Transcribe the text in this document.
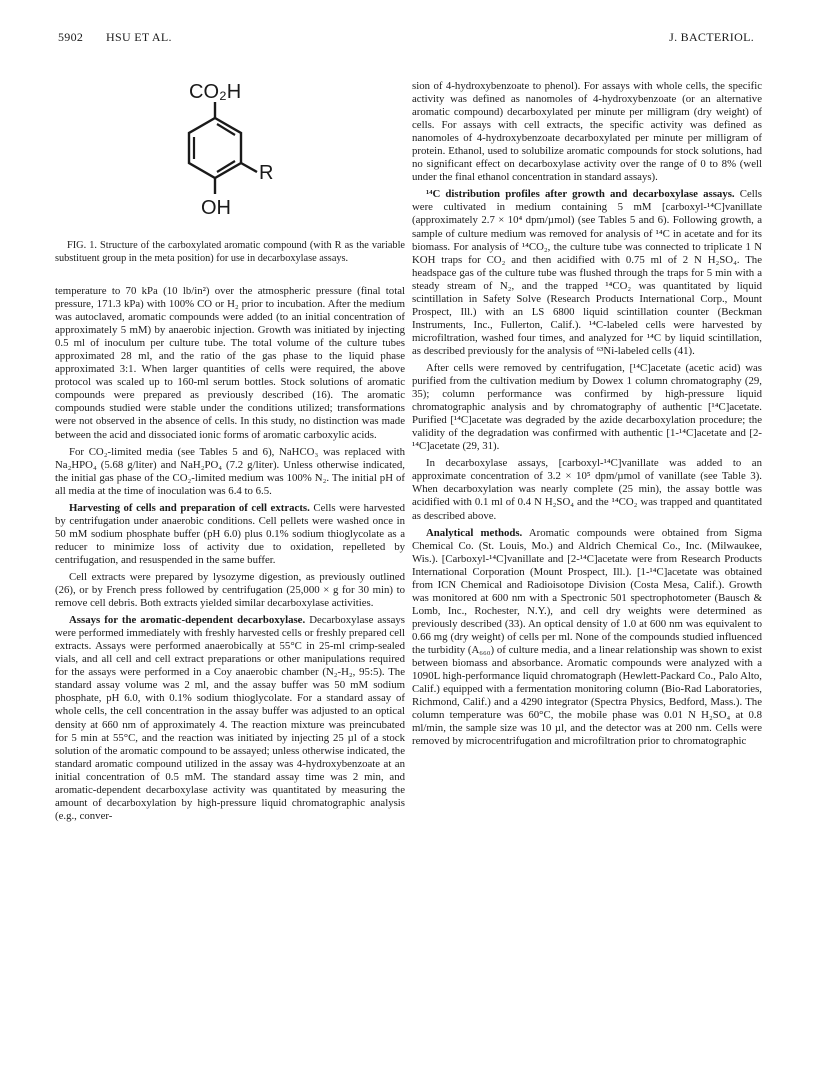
5902 HSU ET AL.	J. BACTERIOL.
CO₂H
R
OH

FIG. 1. Structure of the carboxylated aromatic compound (with R as the variable substituent group in the meta position) for use in decarboxylase assays.

temperature to 70 kPa (10 lb/in²) over the atmospheric pressure (final total pressure, 171.3 kPa) with 100% CO or H₂ prior to incubation. After the medium was autoclaved, aromatic compounds were added (to an initial concentration of approximately 5 mM) by anaerobic injection. Growth was initiated by injecting 0.5 ml of inoculum per culture tube. The total volume of the culture tubes approximated 28 ml, and the ratio of the gas phase to the liquid phase approximated 3:1. When larger quantities of cells were required, the above protocol was scaled up to 160-ml serum bottles. Stock solutions of aromatic compounds were prepared as previously described (16). The aromatic compounds studied were stable under the conditions utilized; transformations were not observed in the absence of cells. In this study, no distinction was made between the acid and dissociated ionic forms of aromatic carboxylic acids.

For CO₂-limited media (see Tables 5 and 6), NaHCO₃ was replaced with Na₂HPO₄ (5.68 g/liter) and NaH₂PO₄ (7.2 g/liter). Unless otherwise indicated, the initial gas phase of the CO₂-limited medium was 100% N₂. The initial pH of all media at the time of inoculation was 6.4 to 6.5.

Harvesting of cells and preparation of cell extracts. Cells were harvested by centrifugation under anaerobic conditions. Cell pellets were washed once in 50 mM sodium phosphate buffer (pH 6.0) plus 0.1% sodium thioglycolate as a reducer to minimize loss of activity due to oxidation, repelleted by centrifugation, and resuspended in the same buffer.

Cell extracts were prepared by lysozyme digestion, as previously outlined (26), or by French press followed by centrifugation (25,000 × g for 30 min) to remove cell debris. Both extracts yielded similar decarboxylase activities.

Assays for the aromatic-dependent decarboxylase. Decarboxylase assays were performed immediately with freshly harvested cells or freshly prepared cell extracts. Assays were performed anaerobically at 55°C in 25-ml crimp-sealed vials, and all cell and cell extract preparations or other manipulations required for the assays were performed in a Coy anaerobic chamber (N₂-H₂, 95:5). The standard assay volume was 2 ml, and the assay buffer was 50 mM sodium phosphate, pH 6.0, with 0.1% sodium thioglycolate. For a standard assay of whole cells, the cell concentration in the assay buffer was adjusted to an optical density at 660 nm of approximately 4. The reaction mixture was preincubated for 5 min at 55°C, and the reaction was initiated by injecting 25 µl of a stock solution of the aromatic compound to be assayed; unless otherwise indicated, the standard aromatic compound utilized in the assay was 4-hydroxybenzoate at an initial concentration of 0.5 mM. The standard assay time was 2 min, and aromatic-dependent decarboxylase activity was quantitated by measuring the amount of decarboxylation by high-pressure liquid chromatographic analysis (e.g., conver-

sion of 4-hydroxybenzoate to phenol). For assays with whole cells, the specific activity was defined as nanomoles of 4-hydroxybenzoate (or an alternative aromatic compound) decarboxylated per minute per milligram (dry weight) of cells. For assays with cell extracts, the specific activity was defined as nanomoles of 4-hydroxybenzoate decarboxylated per minute per milligram of protein. Ethanol, used to solubilize aromatic compounds for stock solutions, had no significant effect on decarboxylase activity over the range of 0 to 8% (well under the final ethanol concentration in standard assays).

¹⁴C distribution profiles after growth and decarboxylase assays. Cells were cultivated in medium containing 5 mM [carboxyl-¹⁴C]vanillate (approximately 2.7 × 10⁴ dpm/µmol) (see Tables 5 and 6). Following growth, a sample of culture medium was removed for analysis of ¹⁴C in acetate and for its biomass. For analysis of ¹⁴CO₂, the culture tube was connected to triplicate 1 N KOH traps for CO₂ and then acidified with 0.75 ml of 2 N H₂SO₄. The headspace gas of the culture tube was flushed through the traps for 5 min with a steady stream of N₂, and the trapped ¹⁴CO₂ was quantitated by liquid scintillation in Safety Solve (Research Products International Corp., Mount Prospect, Ill.) with an LS 6800 liquid scintillation counter (Beckman Instruments, Inc., Fullerton, Calif.). ¹⁴C-labeled cells were harvested by microfiltration, washed four times, and analyzed for ¹⁴C by liquid scintillation, as described previously for the analysis of ⁶³Ni-labeled cells (41).

After cells were removed by centrifugation, [¹⁴C]acetate (acetic acid) was purified from the cultivation medium by Dowex 1 column chromatography (29, 35); column performance was confirmed by high-pressure liquid chromatographic analysis and by chromatography of authentic [¹⁴C]acetate. Purified [¹⁴C]acetate was degraded by the azide decarboxylation procedure; the validity of the degradation was confirmed with authentic [1-¹⁴C]acetate and [2-¹⁴C]acetate (29, 31).

In decarboxylase assays, [carboxyl-¹⁴C]vanillate was added to an approximate concentration of 3.2 × 10⁵ dpm/µmol of vanillate (see Table 3). When decarboxylation was nearly complete (25 min), the assay bottle was acidified with 0.1 ml of 0.4 N H₂SO₄ and the ¹⁴CO₂ was trapped and quantitated as described above.

Analytical methods. Aromatic compounds were obtained from Sigma Chemical Co. (St. Louis, Mo.) and Aldrich Chemical Co., Inc. (Milwaukee, Wis.). [Carboxyl-¹⁴C]vanillate and [2-¹⁴C]acetate were from Research Products International Corporation (Mount Prospect, Ill.). [1-¹⁴C]acetate was obtained from ICN Chemical and Radioisotope Division (Costa Mesa, Calif.). Growth was monitored at 600 nm with a Spectronic 501 spectrophotometer (Bausch & Lomb, Inc., Rochester, N.Y.), and cell dry weights were determined as previously described (33). An optical density of 1.0 at 600 nm was equivalent to 0.66 mg (dry weight) of cells per ml. None of the compounds studied influenced the turbidity (A₆₆₀) of culture media, and a linear relationship was shown to exist between biomass and absorbance. Aromatic compounds were analyzed with a 1090L high-performance liquid chromatograph (Hewlett-Packard Co., Palo Alto, Calif.) equipped with a fermentation monitoring column (Bio-Rad Laboratories, Richmond, Calif.) and a 4290 integrator (Spectra Physics, Bedford, Mass.). The column temperature was 60°C, the mobile phase was 0.01 N H₂SO₄ at 0.8 ml/min, the sample size was 10 µl, and the detector was at 200 nm. Cells were removed by microcentrifugation and microfiltration prior to chromatographic
